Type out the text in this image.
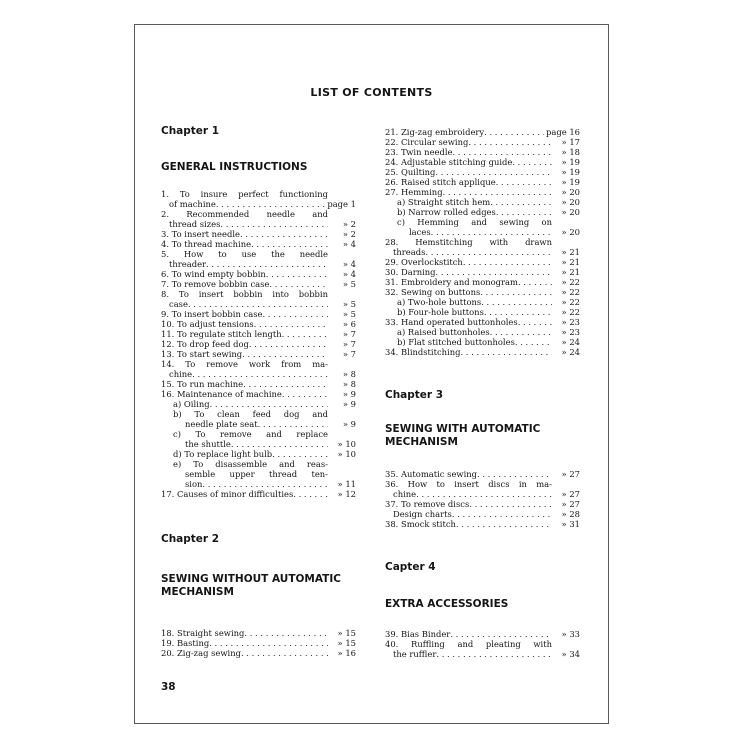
LIST OF CONTENTS
Chapter 1
GENERAL INSTRUCTIONS
1. To insure perfect functioning
of machine . . .	page 1
2. Recommended needle and
thread sizes . . .	» 2
3. To insert needle . . .	» 2
4. To thread machine . . .	» 4
5. How to use the needle
threader . . .	» 4
6. To wind empty bobbin . . .	» 4
7. To remove bobbin case . . .	» 5
8. To insert bobbin into bobbin
case . . .	» 5
9. To insert bobbin case . . .	» 5
10. To adjust tensions . . .	» 6
11. To regulate stitch length . . .	» 7
12. To drop feed dog . . .	» 7
13. To start sewing . . .	» 7
14. To remove work from ma-
chine . . .	» 8
15. To run machine . . .	» 8
16. Maintenance of machine . . .	» 9
a) Oiling . . .	» 9
b) To clean feed dog and
needle plate seat . . .	» 9
c) To remove and replace
the shuttle . . .	» 10
d) To replace light bulb . . .	» 10
e) To disassemble and reas-
semble upper thread ten-
sion . . .	» 11
17. Causes of minor difficulties . . .	» 12
Chapter 2
SEWING WITHOUT AUTOMATIC
MECHANISM
18. Straight sewing . . .	» 15
19. Basting . . .	» 15
20. Zig-zag sewing . . .	» 16
21. Zig-zag embroidery . . .	page 16
22. Circular sewing . . .	» 17
23. Twin needle . . .	» 18
24. Adjustable stitching guide . . .	» 19
25. Quilting . . .	» 19
26. Raised stitch applique . . .	» 19
27. Hemming . . .	» 20
a) Straight stitch hem . . .	» 20
b) Narrow rolled edges . . .	» 20
c) Hemming and sewing on
laces . . .	» 20
28. Hemstitching with drawn
threads . . .	» 21
29. Overlockstitch . . .	» 21
30. Darning . . .	» 21
31. Embroidery and monogram . . .	» 22
32. Sewing on buttons . . .	» 22
a) Two-hole buttons . . .	» 22
b) Four-hole buttons . . .	» 22
33. Hand operated buttonholes . . .	» 23
a) Raised buttonholes . . .	» 23
b) Flat stitched buttonholes . . .	» 24
34. Blindstitching . . .	» 24
Chapter 3
SEWING WITH AUTOMATIC
MECHANISM
35. Automatic sewing . . .	» 27
36. How to insert discs in ma-
chine . . .	» 27
37. To remove discs . . .	» 27
Design charts . . .	» 28
38. Smock stitch . . .	» 31
Capter 4
EXTRA ACCESSORIES
39. Bias Binder . . .	» 33
40. Ruffling and pleating with
the ruffler . . .	» 34
38
